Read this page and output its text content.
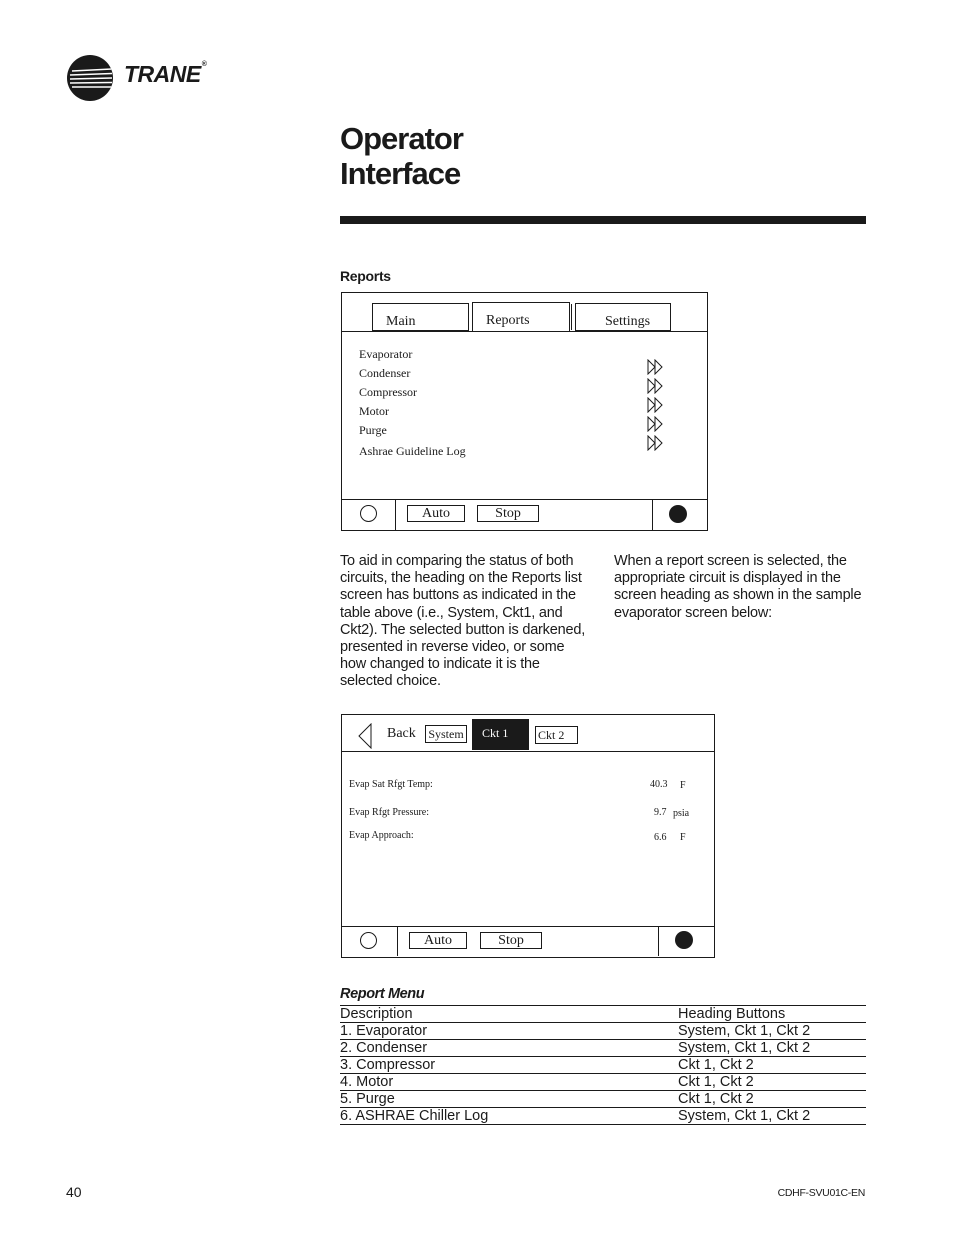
TRANE®
Operator Interface
Reports
Main	Reports	Settings
Evaporator
Condenser
Compressor
Motor
Purge
Ashrae Guideline Log
Auto	Stop

To aid in comparing the status of both circuits, the heading on the Reports list screen has buttons as indicated in the table above (i.e., System, Ckt1, and Ckt2). The selected button is darkened, presented in reverse video, or some how changed to indicate it is the selected choice.

When a report screen is selected, the appropriate circuit is displayed in the screen heading as shown in the sample evaporator screen below:

Back System	Ckt 1	Ckt 2
Evap Sat Rfgt Temp:	40.3 F
Evap Rfgt Pressure:	9.7 psia
Evap Approach:	6.6 F
Auto	Stop
Report Menu
Description	Heading Buttons
1. Evaporator	System, Ckt 1, Ckt 2
2. Condenser	System, Ckt 1, Ckt 2
3. Compressor	Ckt 1, Ckt 2
4. Motor	Ckt 1, Ckt 2
5. Purge	Ckt 1, Ckt 2
6. ASHRAE Chiller Log	System, Ckt 1, Ckt 2
40	CDHF-SVU01C-EN
